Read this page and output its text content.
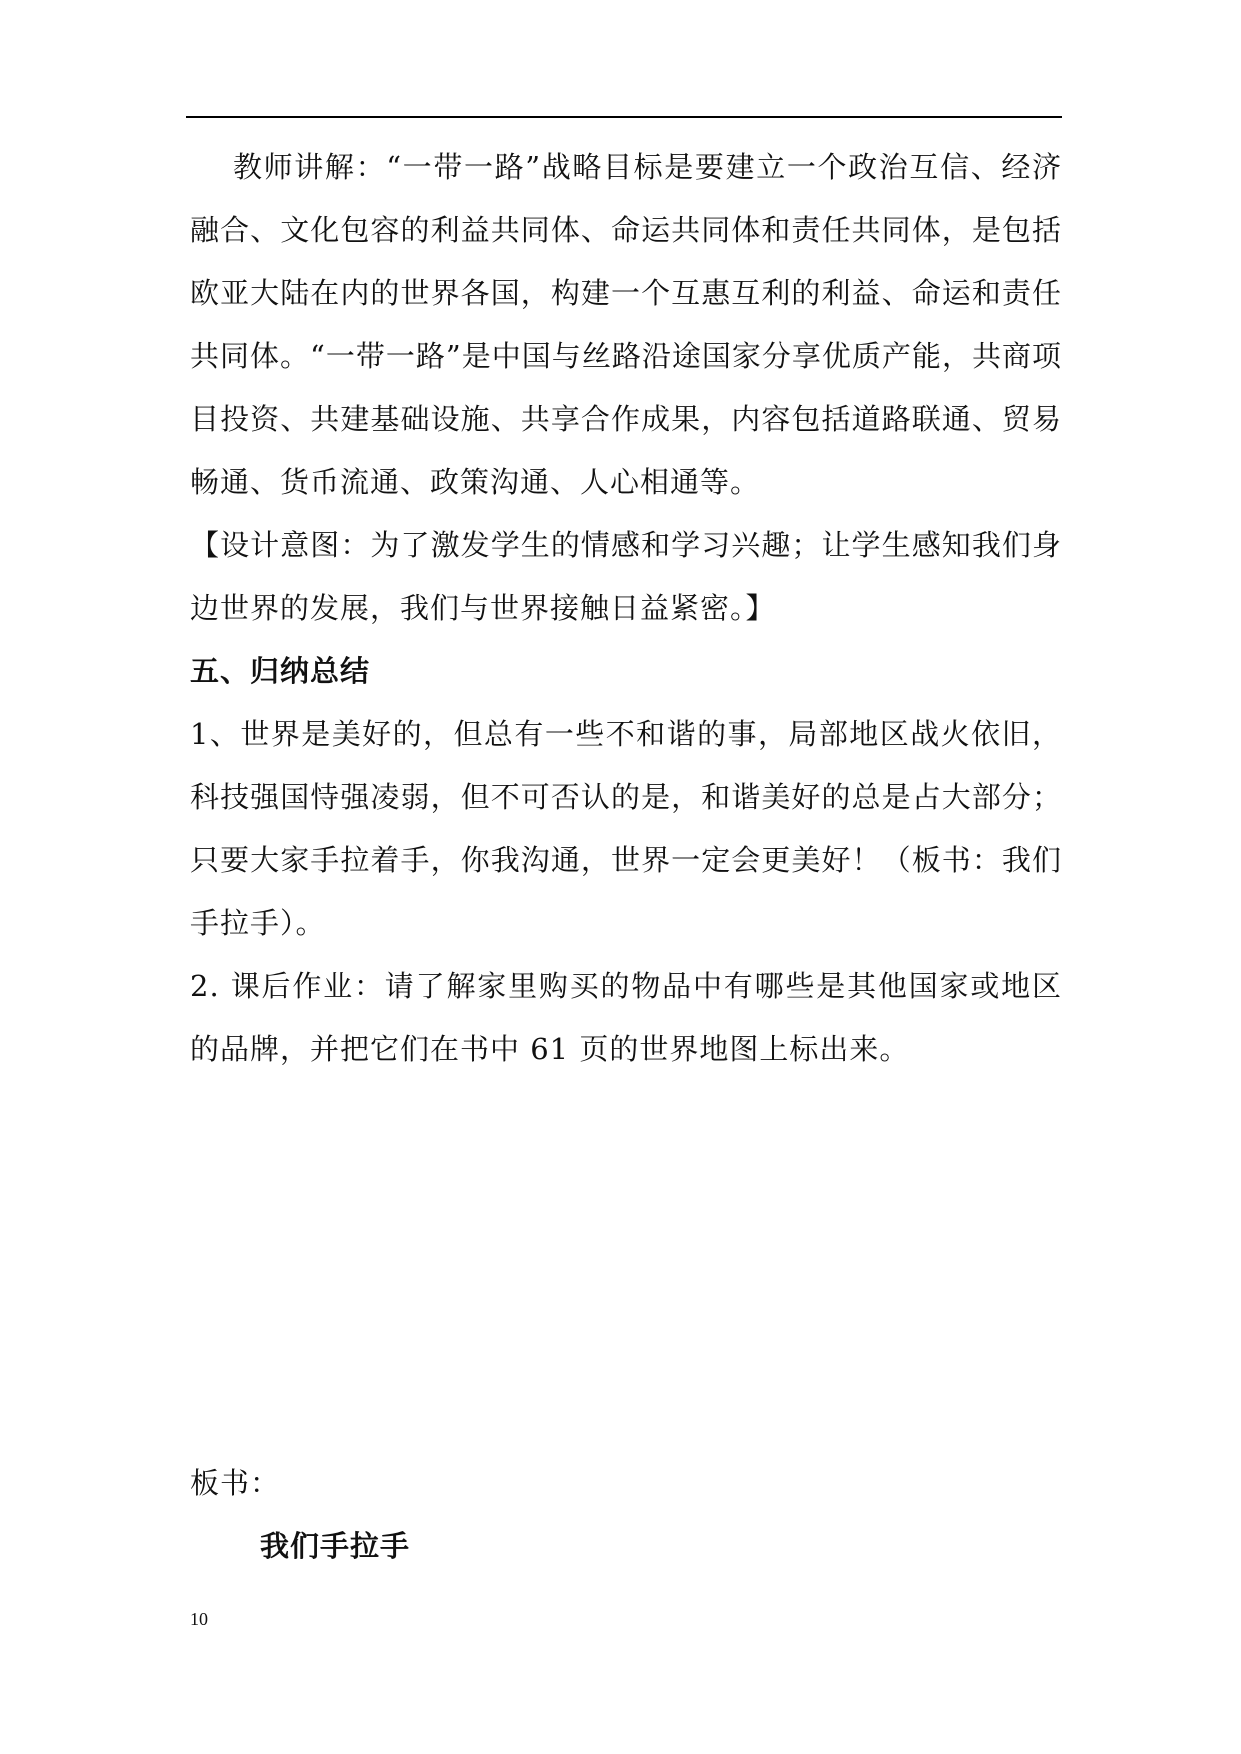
教师讲解：“一带一路”战略目标是要建立一个政治互信、经济融合、文化包容的利益共同体、命运共同体和责任共同体，是包括欧亚大陆在内的世界各国，构建一个互惠互利的利益、命运和责任共同体。“一带一路”是中国与丝路沿途国家分享优质产能，共商项目投资、共建基础设施、共享合作成果，内容包括道路联通、贸易畅通、货币流通、政策沟通、人心相通等。

【设计意图：为了激发学生的情感和学习兴趣；让学生感知我们身边世界的发展，我们与世界接触日益紧密。】

五、归纳总结

1、世界是美好的，但总有一些不和谐的事，局部地区战火依旧，科技强国恃强凌弱，但不可否认的是，和谐美好的总是占大部分；只要大家手拉着手，你我沟通，世界一定会更美好！（板书：我们手拉手）。

2. 课后作业：请了解家里购买的物品中有哪些是其他国家或地区的品牌，并把它们在书中 61 页的世界地图上标出来。

板书：
我们手拉手
10
